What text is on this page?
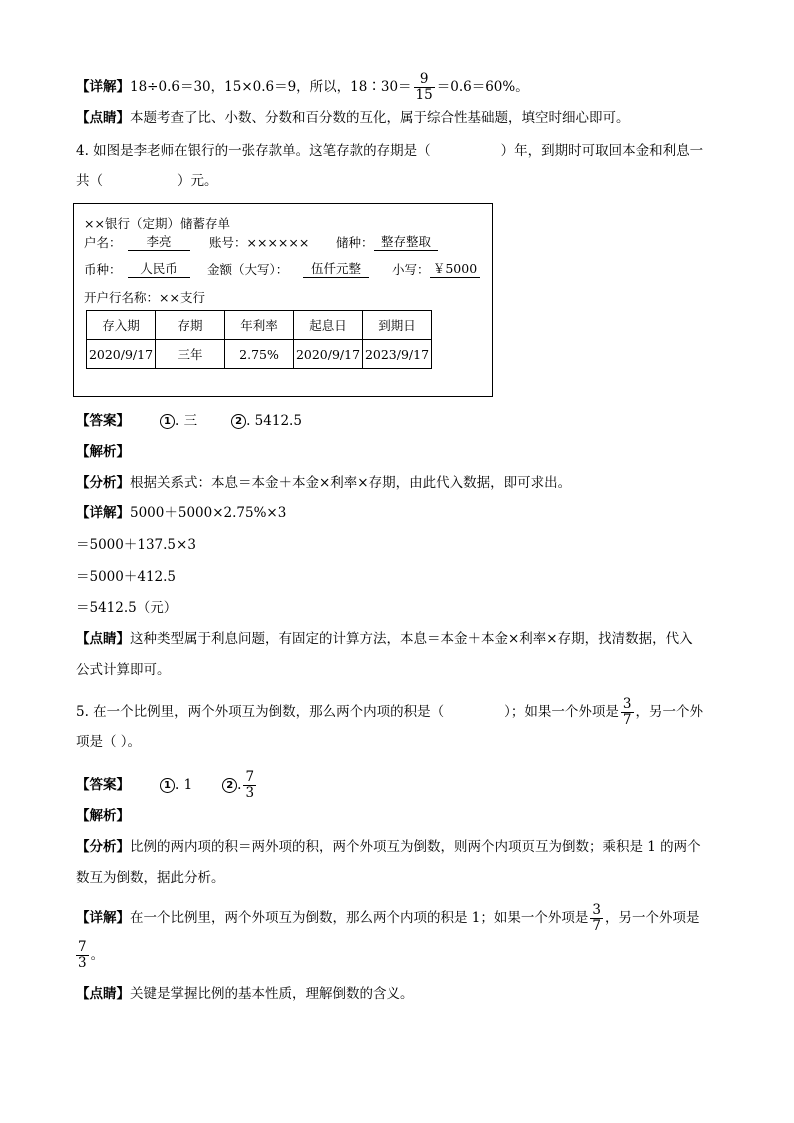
【详解】18÷0.6＝30，15×0.6＝9，所以，18∶30＝ $\frac{9}{15} =0.6=60\%$。
【点睛】本题考查了比、小数、分数和百分数的互化，属于综合性基础题，填空时细心即可。
4. 如图是李老师在银行的一张存款单。这笔存款的存期是（	）年，到期时可取回本金和利息一
共（	）元。
××银行（定期）储蓄存单
户名：	李亮	账号：×××××× 储种： 整存整取
币种：	人民币	金额（大写）：	伍仟元整	小写： ￥5000
开户行名称：××支行
存入期	存期	年利率	起息日	到期日
2020/9/17	三年	2.75%	2020/9/17	2023/9/17
【答案】	1 . 三	2 . 5412.5
【解析】
【分析】根据关系式：本息＝本金＋本金×利率×存期，由此代入数据，即可求出。
【详解】5000＋5000×2.75%×3
＝5000＋137.5×3
＝5000＋412.5
＝5412.5（元）
【点睛】这种类型属于利息问题，有固定的计算方法，本息＝本金＋本金×利率×存期，找清数据，代入
公式计算即可。
5. 在一个比例里，两个外项互为倒数，那么两个内项的积是（	）；如果一个外项是 $\frac{3}{7}$ ，另一个外
项是（ ）。
【答案】	1 . 1	2 . $\frac{7}{3}$
【解析】
【分析】比例的两内项的积＝两外项的积，两个外项互为倒数，则两个内项页互为倒数；乘积是 1 的两个
数互为倒数，据此分析。
【详解】在一个比例里，两个外项互为倒数，那么两个内项的积是 1；如果一个外项是 $\frac{3}{7}$ ，另一个外项是
$\frac{7}{3}$ 。
【点睛】关键是掌握比例的基本性质，理解倒数的含义。
